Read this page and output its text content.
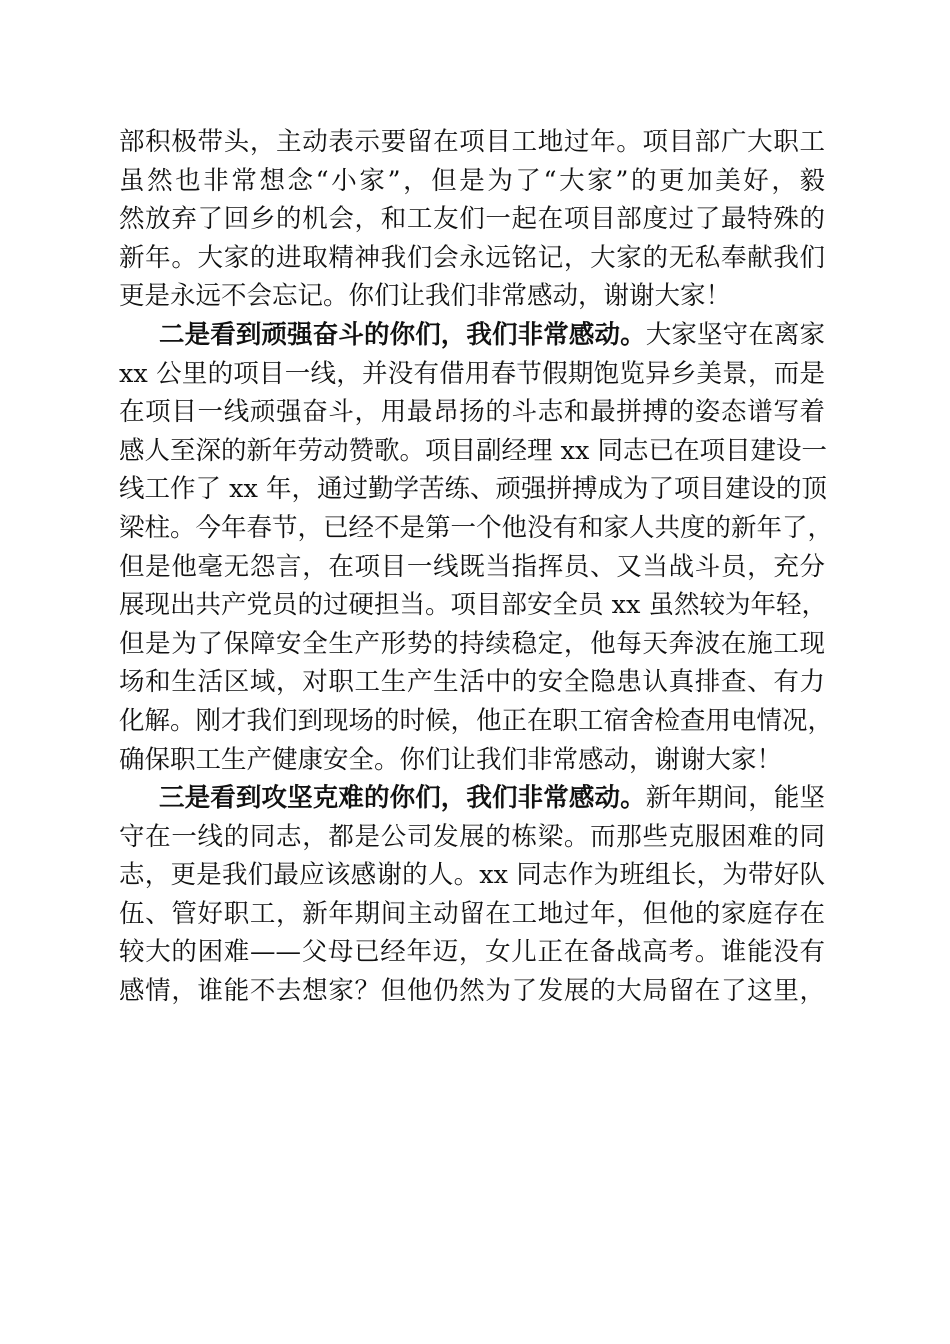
部积极带头，主动表示要留在项目工地过年。项目部广大职工
虽然也非常想念“小家”，但是为了“大家”的更加美好，毅
然放弃了回乡的机会，和工友们一起在项目部度过了最特殊的
新年。大家的进取精神我们会永远铭记，大家的无私奉献我们
更是永远不会忘记。你们让我们非常感动，谢谢大家！
二是看到顽强奋斗的你们，我们非常感动。大家坚守在离家
xx 公里的项目一线，并没有借用春节假期饱览异乡美景，而是
在项目一线顽强奋斗，用最昂扬的斗志和最拼搏的姿态谱写着
感人至深的新年劳动赞歌。项目副经理 xx 同志已在项目建设一
线工作了 xx 年，通过勤学苦练、顽强拼搏成为了项目建设的顶
梁柱。今年春节，已经不是第一个他没有和家人共度的新年了，
但是他毫无怨言，在项目一线既当指挥员、又当战斗员，充分
展现出共产党员的过硬担当。项目部安全员 xx 虽然较为年轻，
但是为了保障安全生产形势的持续稳定，他每天奔波在施工现
场和生活区域，对职工生产生活中的安全隐患认真排查、有力
化解。刚才我们到现场的时候，他正在职工宿舍检查用电情况，
确保职工生产健康安全。你们让我们非常感动，谢谢大家！
三是看到攻坚克难的你们，我们非常感动。新年期间，能坚
守在一线的同志，都是公司发展的栋梁。而那些克服困难的同
志，更是我们最应该感谢的人。xx 同志作为班组长，为带好队
伍、管好职工，新年期间主动留在工地过年，但他的家庭存在
较大的困难——父母已经年迈，女儿正在备战高考。谁能没有
感情，谁能不去想家？但他仍然为了发展的大局留在了这里，
